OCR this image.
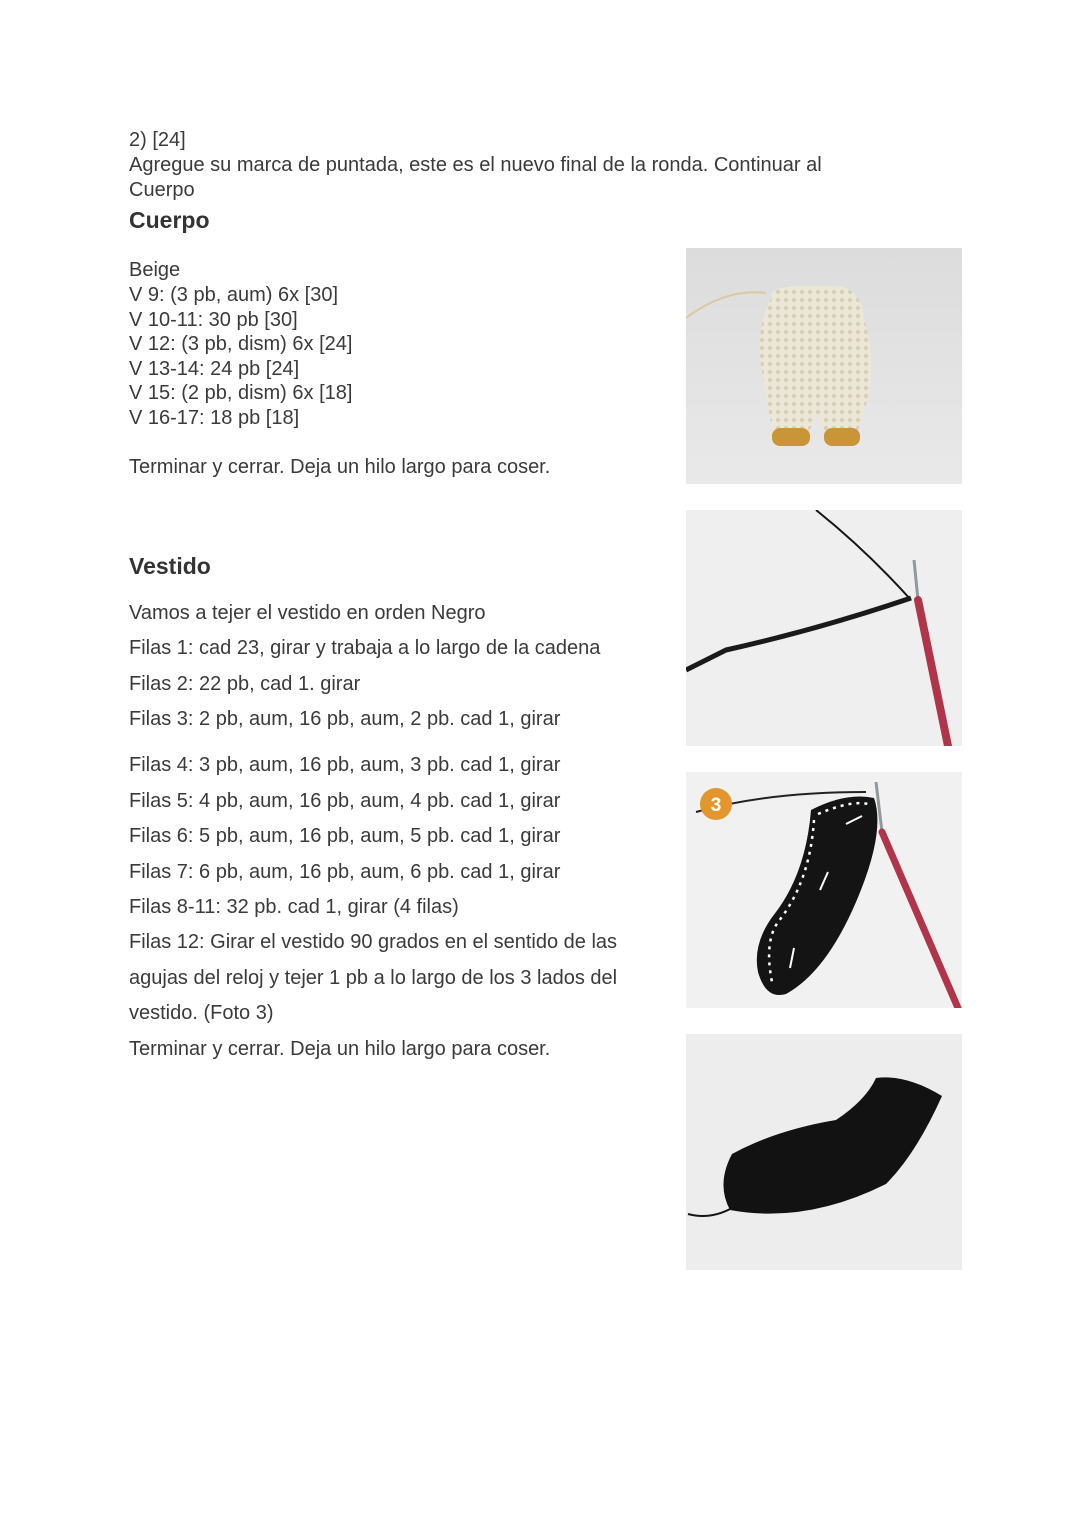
2) [24]
Agregue su marca de puntada, este es el nuevo final de la ronda. Continuar al
Cuerpo
Cuerpo
Beige
V 9: (3 pb, aum) 6x [30]
V 10-11: 30 pb [30]
V 12: (3 pb, dism) 6x [24]
V 13-14: 24 pb [24]
V 15: (2 pb, dism) 6x [18]
V 16-17: 18 pb [18]
Terminar y cerrar. Deja un hilo largo para coser.
Vestido
Vamos a tejer el vestido en orden Negro
Filas 1: cad 23, girar y trabaja a lo largo de la cadena
Filas 2: 22 pb, cad 1. girar
Filas 3: 2 pb, aum, 16 pb, aum, 2 pb. cad 1, girar
Filas 4: 3 pb, aum, 16 pb, aum, 3 pb. cad 1, girar
Filas 5: 4 pb, aum, 16 pb, aum, 4 pb. cad 1, girar
Filas 6: 5 pb, aum, 16 pb, aum, 5 pb. cad 1, girar
Filas 7: 6 pb, aum, 16 pb, aum, 6 pb. cad 1, girar
Filas 8-11: 32 pb. cad 1, girar (4 filas)
Filas 12: Girar el vestido 90 grados en el sentido de las
agujas del reloj y tejer 1 pb a lo largo de los 3 lados del
vestido. (Foto 3)
Terminar y cerrar. Deja un hilo largo para coser.
3
